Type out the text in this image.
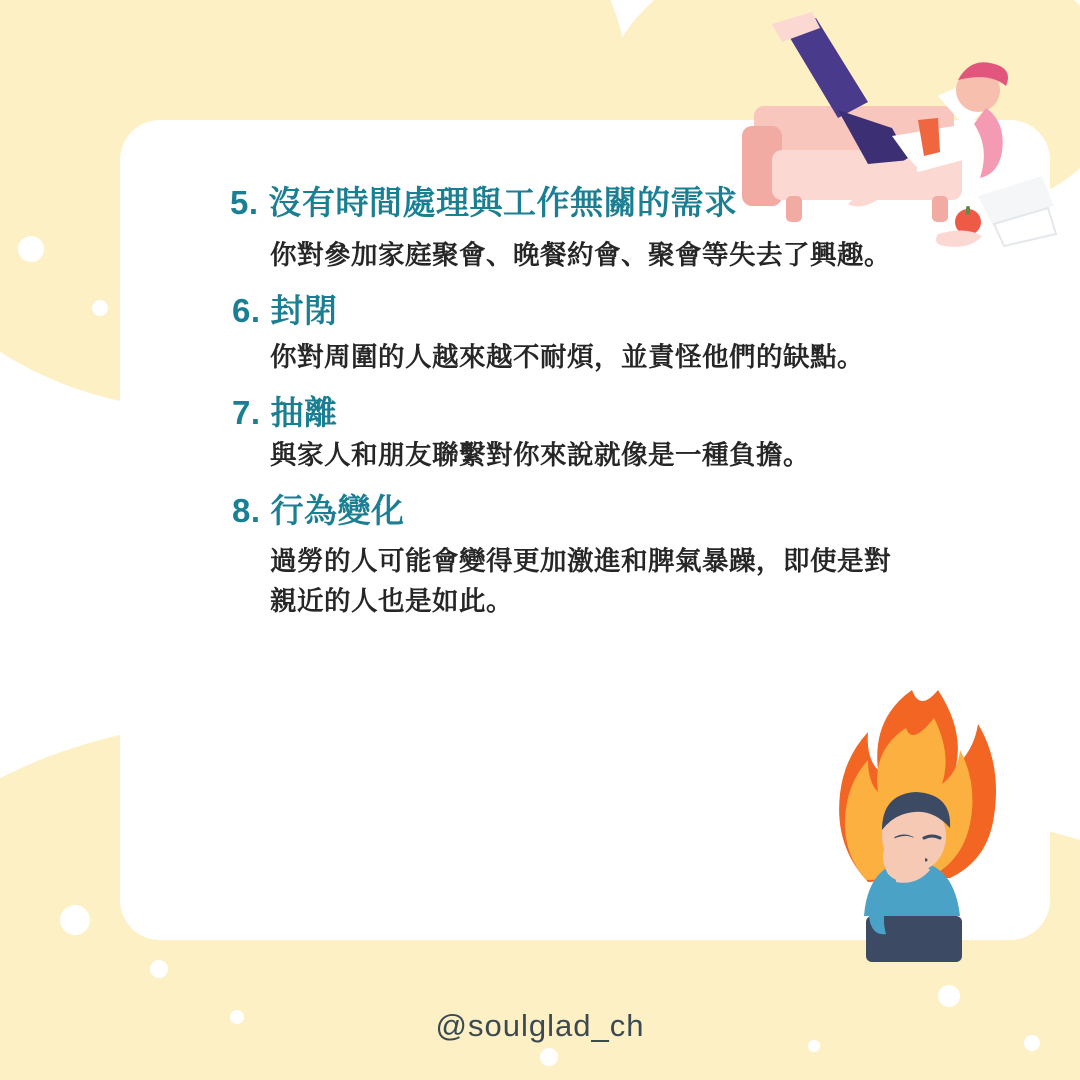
5. 沒有時間處理與工作無關的需求
你對參加家庭聚會、晚餐約會、聚會等失去了興趣。
6. 封閉
你對周圍的人越來越不耐煩，並責怪他們的缺點。
7. 抽離
與家人和朋友聯繫對你來說就像是一種負擔。
8. 行為變化
過勞的人可能會變得更加激進和脾氣暴躁，即使是對親近的人也是如此。
@soulglad_ch
